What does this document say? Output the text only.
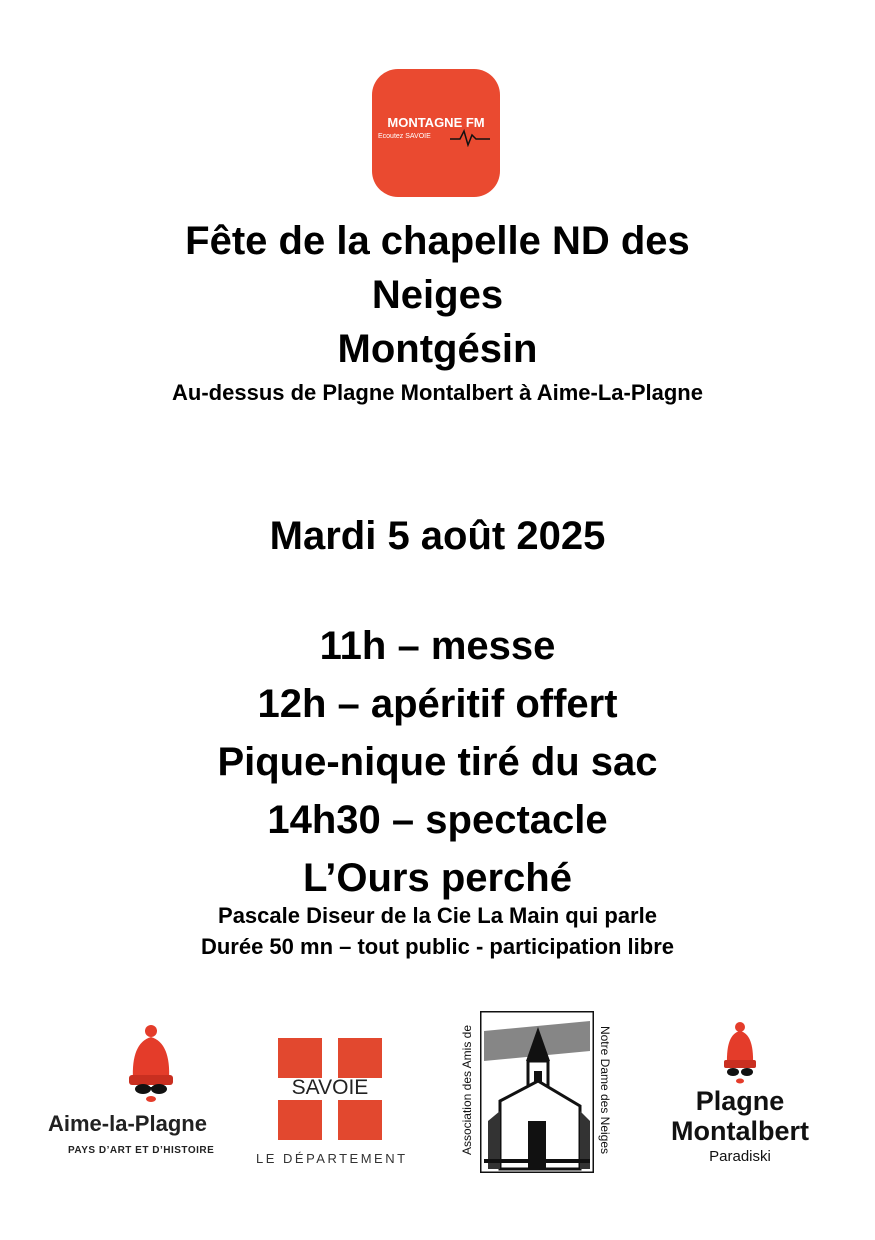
MONTAGNE FM
Ecoutez SAVOIE
Fête de la chapelle ND des
Neiges
Montgésin
Au-dessus de Plagne Montalbert à Aime-La-Plagne
Mardi 5 août 2025
11h – messe
12h – apéritif offert
Pique-nique tiré du sac
14h30 – spectacle
L’Ours perché
Pascale Diseur de la Cie La Main qui parle
Durée 50 mn – tout public - participation libre
Aime-la-Plagne
PAYS D’ART ET D’HISTOIRE
SAVOIE
LE DÉPARTEMENT
Association des Amis de	Notre Dame des Neiges	Plagne
Montalbert
Paradiski
